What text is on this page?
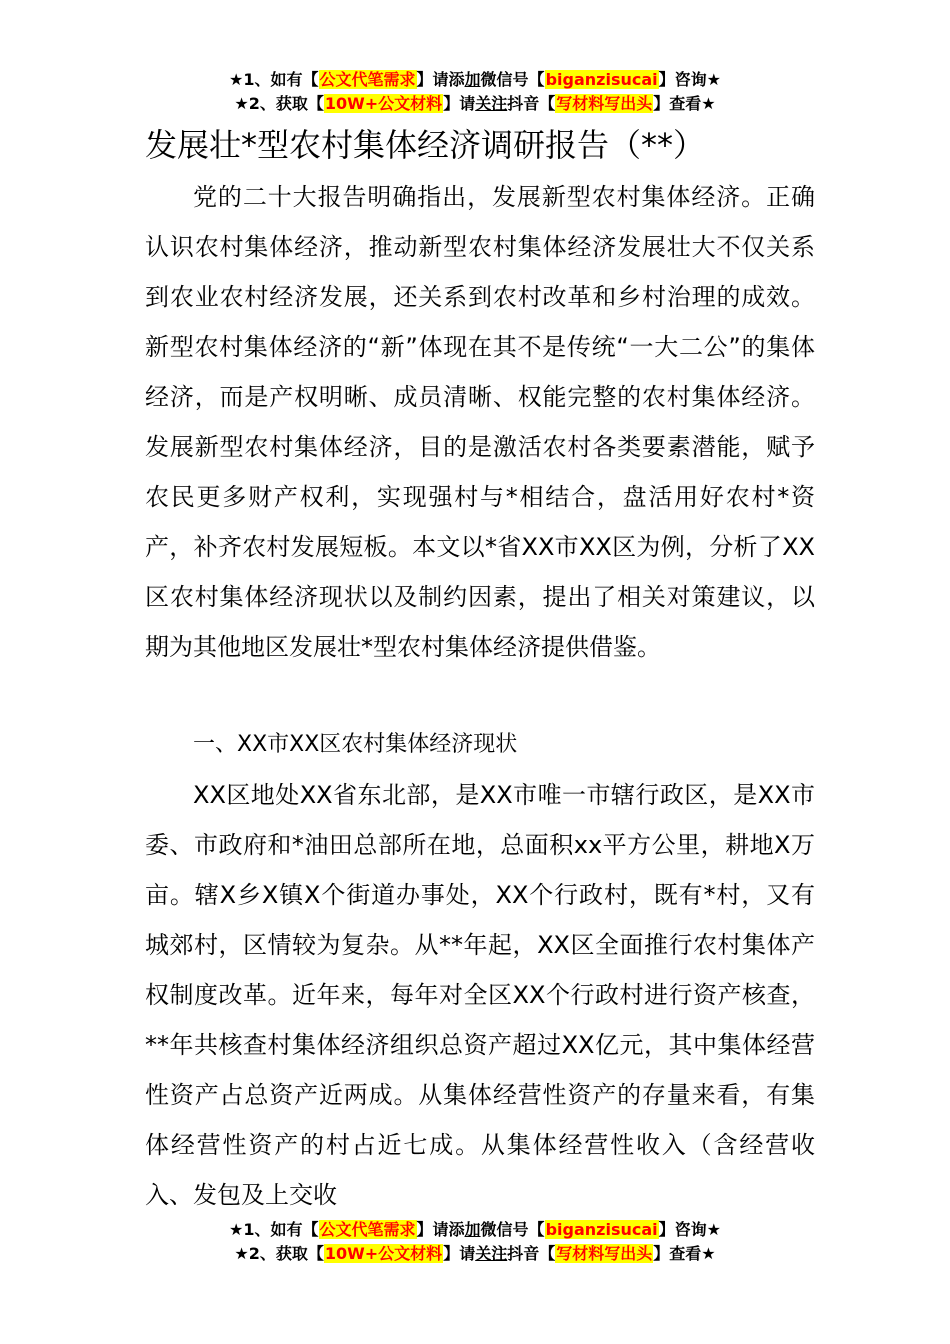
★1、如有【公文代笔需求】请添加微信号【biganzisucai】咨询★
★2、获取【10W+公文材料】请关注抖音【写材料写出头】查看★
发展壮*型农村集体经济调研报告（**）

党的二十大报告明确指出，发展新型农村集体经济。正确认识农村集体经济，推动新型农村集体经济发展壮大不仅关系到农业农村经济发展，还关系到农村改革和乡村治理的成效。新型农村集体经济的“新”体现在其不是传统“一大二公”的集体经济，而是产权明晰、成员清晰、权能完整的农村集体经济。发展新型农村集体经济，目的是激活农村各类要素潜能，赋予农民更多财产权利，实现强村与*相结合，盘活用好农村*资产，补齐农村发展短板。本文以*省XX市XX区为例，分析了XX区农村集体经济现状以及制约因素，提出了相关对策建议，以期为其他地区发展壮*型农村集体经济提供借鉴。

一、XX市XX区农村集体经济现状

XX区地处XX省东北部，是XX市唯一市辖行政区，是XX市委、市政府和*油田总部所在地，总面积xx平方公里，耕地X万亩。辖X乡X镇X个街道办事处，XX个行政村，既有*村，又有城郊村，区情较为复杂。从**年起，XX区全面推行农村集体产权制度改革。近年来，每年对全区XX个行政村进行资产核查，**年共核查村集体经济组织总资产超过XX亿元，其中集体经营性资产占总资产近两成。从集体经营性资产的存量来看，有集体经营性资产的村占近七成。从集体经营性收入（含经营收入、发包及上交收

★1、如有【公文代笔需求】请添加微信号【biganzisucai】咨询★
★2、获取【10W+公文材料】请关注抖音【写材料写出头】查看★
